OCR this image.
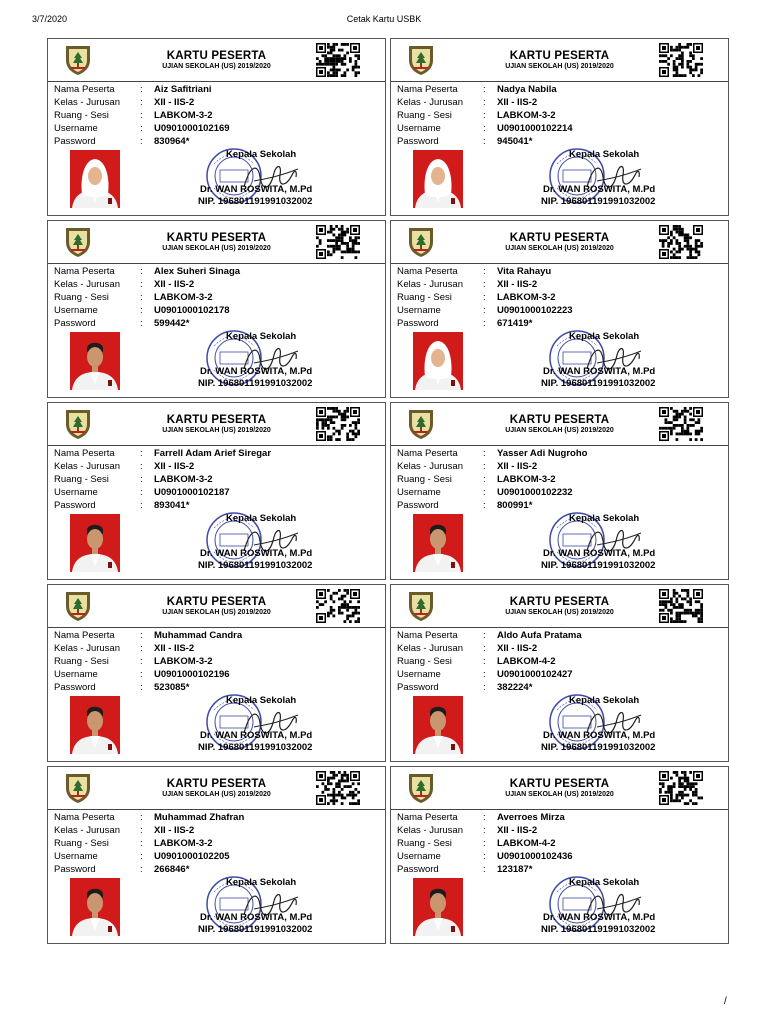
3/7/2020	Cetak Kartu USBK
KARTU PESERTA
UJIAN SEKOLAH (US) 2019/2020
Nama Peserta	: Aiz Safitriani
Kelas - Jurusan : XII - IIS-2
Ruang - Sesi	: LABKOM-3-2
Username	: U0901000102169
Password	: 830964*
Kepala Sekolah
Dr. WAN ROSWITA, M.Pd
NIP. 196801191991032002
KARTU PESERTA
UJIAN SEKOLAH (US) 2019/2020
Nama Peserta	: Nadya Nabila
Kelas - Jurusan : XII - IIS-2
Ruang - Sesi	: LABKOM-3-2
Username	: U0901000102214
Password	: 945041*
Kepala Sekolah
Dr. WAN ROSWITA, M.Pd
NIP. 196801191991032002
KARTU PESERTA
UJIAN SEKOLAH (US) 2019/2020
Nama Peserta	: Alex Suheri Sinaga
Kelas - Jurusan : XII - IIS-2
Ruang - Sesi	: LABKOM-3-2
Username	: U0901000102178
Password	: 599442*
Kepala Sekolah
Dr. WAN ROSWITA, M.Pd
NIP. 196801191991032002
KARTU PESERTA
UJIAN SEKOLAH (US) 2019/2020
Nama Peserta	: Vita Rahayu
Kelas - Jurusan : XII - IIS-2
Ruang - Sesi	: LABKOM-3-2
Username	: U0901000102223
Password	: 671419*
Kepala Sekolah
Dr. WAN ROSWITA, M.Pd
NIP. 196801191991032002
KARTU PESERTA
UJIAN SEKOLAH (US) 2019/2020
Nama Peserta	: Farrell Adam Arief Siregar
Kelas - Jurusan : XII - IIS-2
Ruang - Sesi	: LABKOM-3-2
Username	: U0901000102187
Password	: 893041*
Kepala Sekolah
Dr. WAN ROSWITA, M.Pd
NIP. 196801191991032002
KARTU PESERTA
UJIAN SEKOLAH (US) 2019/2020
Nama Peserta	: Yasser Adi Nugroho
Kelas - Jurusan : XII - IIS-2
Ruang - Sesi	: LABKOM-3-2
Username	: U0901000102232
Password	: 800991*
Kepala Sekolah
Dr. WAN ROSWITA, M.Pd
NIP. 196801191991032002
KARTU PESERTA
UJIAN SEKOLAH (US) 2019/2020
Nama Peserta	: Muhammad Candra
Kelas - Jurusan : XII - IIS-2
Ruang - Sesi	: LABKOM-3-2
Username	: U0901000102196
Password	: 523085*
Kepala Sekolah
Dr. WAN ROSWITA, M.Pd
NIP. 196801191991032002
KARTU PESERTA
UJIAN SEKOLAH (US) 2019/2020
Nama Peserta	: Aldo Aufa Pratama
Kelas - Jurusan : XII - IIS-2
Ruang - Sesi	: LABKOM-4-2
Username	: U0901000102427
Password	: 382224*
Kepala Sekolah
Dr. WAN ROSWITA, M.Pd
NIP. 196801191991032002
KARTU PESERTA
UJIAN SEKOLAH (US) 2019/2020
Nama Peserta	: Muhammad Zhafran
Kelas - Jurusan : XII - IIS-2
Ruang - Sesi	: LABKOM-3-2
Username	: U0901000102205
Password	: 266846*
Kepala Sekolah
Dr. WAN ROSWITA, M.Pd
NIP. 196801191991032002
KARTU PESERTA
UJIAN SEKOLAH (US) 2019/2020
Nama Peserta	: Averroes Mirza
Kelas - Jurusan : XII - IIS-2
Ruang - Sesi	: LABKOM-4-2
Username	: U0901000102436
Password	: 123187*
Kepala Sekolah
Dr. WAN ROSWITA, M.Pd
NIP. 196801191991032002
/
